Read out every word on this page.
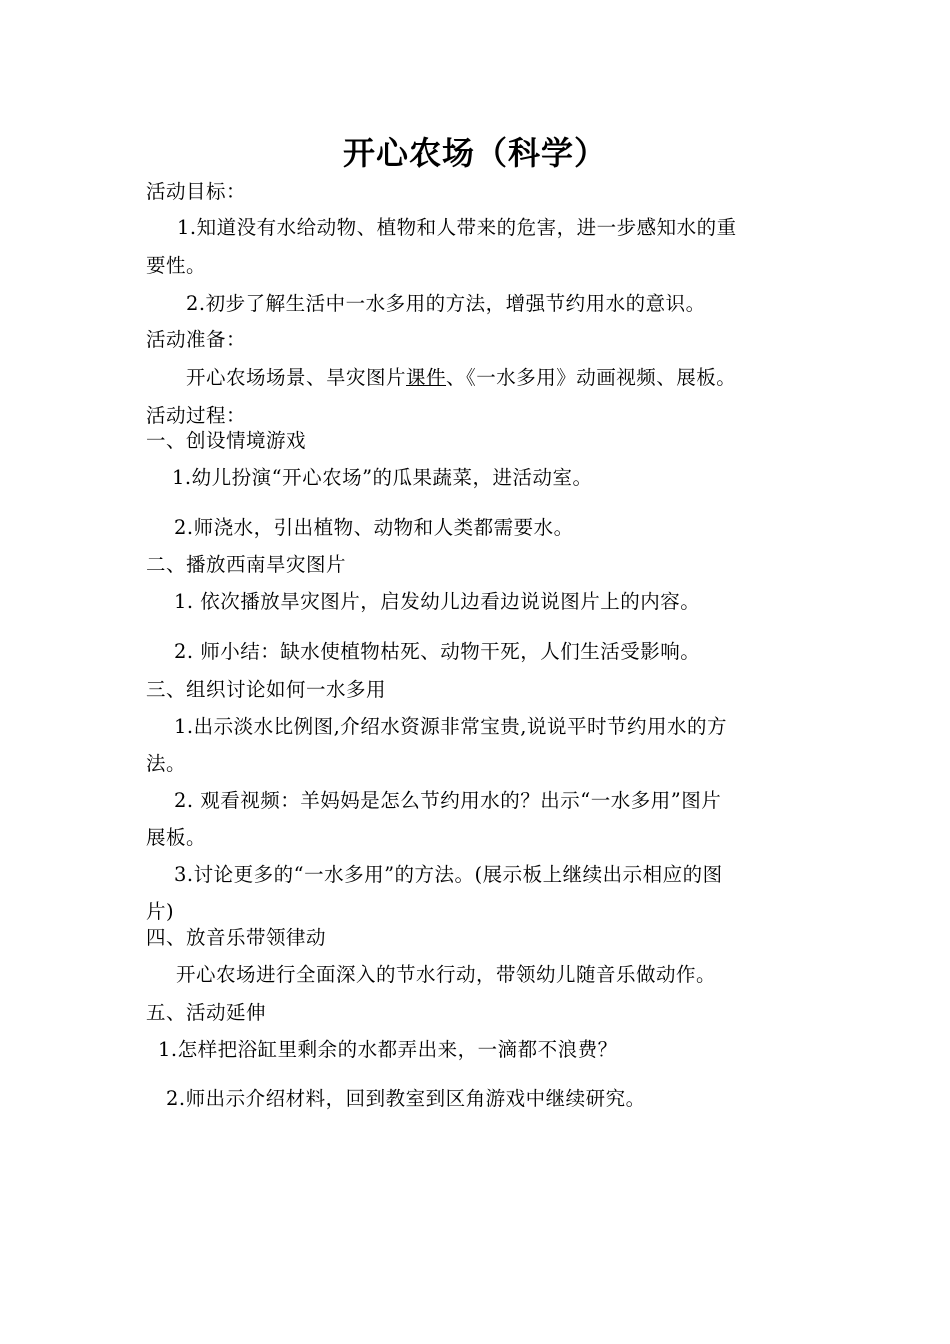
开心农场（科学）
活动目标：
1.知道没有水给动物、植物和人带来的危害，进一步感知水的重
要性。
2.初步了解生活中一水多用的方法，增强节约用水的意识。
活动准备：
开心农场场景、旱灾图片课件、《一水多用》动画视频、展板。
活动过程：
一、创设情境游戏
1.幼儿扮演“开心农场”的瓜果蔬菜，进活动室。
2.师浇水，引出植物、动物和人类都需要水。
二、播放西南旱灾图片
1. 依次播放旱灾图片，启发幼儿边看边说说图片上的内容。
2. 师小结：缺水使植物枯死、动物干死，人们生活受影响。
三、组织讨论如何一水多用
1.出示淡水比例图,介绍水资源非常宝贵,说说平时节约用水的方
法。
2. 观看视频：羊妈妈是怎么节约用水的？出示“一水多用”图片
展板。
3.讨论更多的“一水多用”的方法。(展示板上继续出示相应的图
片)
四、放音乐带领律动
开心农场进行全面深入的节水行动，带领幼儿随音乐做动作。
五、活动延伸
1.怎样把浴缸里剩余的水都弄出来，一滴都不浪费？
2.师出示介绍材料，回到教室到区角游戏中继续研究。
